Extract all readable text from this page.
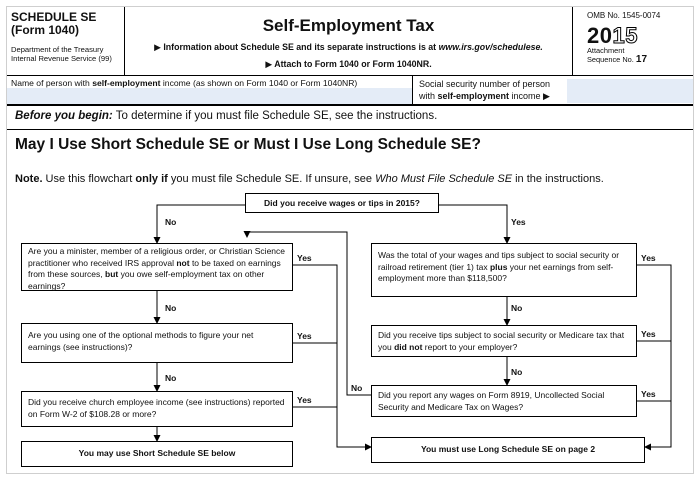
SCHEDULE SE
(Form 1040)
Department of the Treasury
Internal Revenue Service (99)
Self-Employment Tax
▶ Information about Schedule SE and its separate instructions is at www.irs.gov/schedulese.
▶ Attach to Form 1040 or Form 1040NR.
OMB No. 1545-0074
2015
Attachment
Sequence No. 17
Name of person with self-employment income (as shown on Form 1040 or Form 1040NR)	Social security number of person
with self-employment income ▶
Before you begin: To determine if you must file Schedule SE, see the instructions.
May I Use Short Schedule SE or Must I Use Long Schedule SE?
Note. Use this flowchart only if you must file Schedule SE. If unsure, see Who Must File Schedule SE in the instructions.
Did you receive wages or tips in 2015?
Are you a minister, member of a religious order, or Christian Science practitioner who received IRS approval not to be taxed on earnings from these sources, but you owe self-employment tax on other earnings?
Are you using one of the optional methods to figure your net earnings (see instructions)?
Did you receive church employee income (see instructions) reported on Form W-2 of $108.28 or more?
You may use Short Schedule SE below
Was the total of your wages and tips subject to social security or railroad retirement (tier 1) tax plus your net earnings from self-employment more than $118,500?
Did you receive tips subject to social security or Medicare tax that you did not report to your employer?
Did you report any wages on Form 8919, Uncollected Social Security and Medicare Tax on Wages?
You must use Long Schedule SE on page 2
No	Yes
No
No
Yes
Yes
Yes
No
No
No
Yes
Yes
Yes
